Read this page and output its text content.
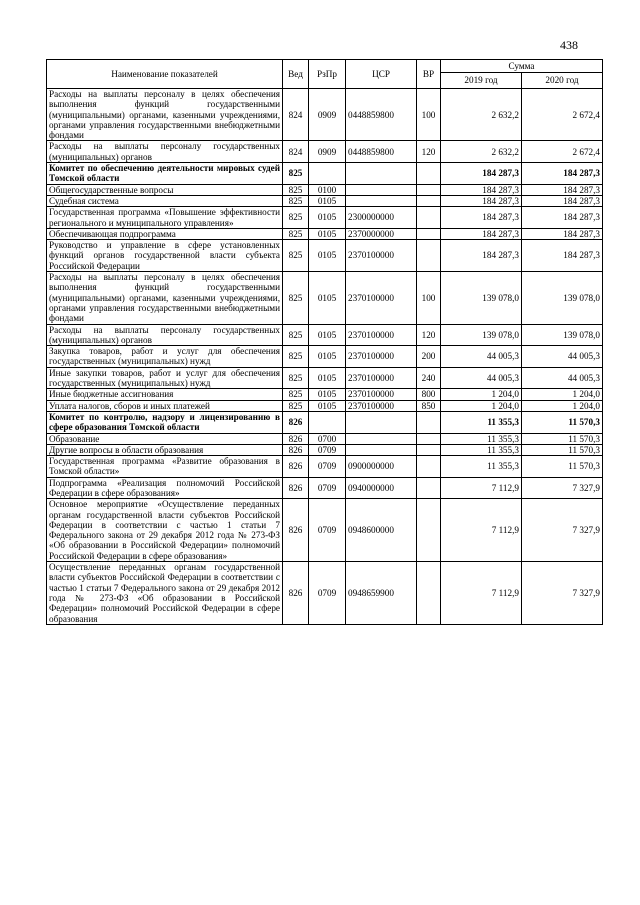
438
Наименование показателей	Вед	РзПр	ЦСР	ВР	Сумма	
					2019 год	2020 год
Расходы на выплаты персоналу в целях обеспечения выполнения функций государственными (муниципальными) органами, казенными учреждениями, органами управления государственными внебюджетными фондами	824	0909	0448859800	100	2 632,2	2 672,4
Расходы на выплаты персоналу государственных (муниципальных) органов	824	0909	0448859800	120	2 632,2	2 672,4
Комитет по обеспечению деятельности мировых судей Томской области	825				184 287,3	184 287,3
Общегосударственные вопросы	825	0100			184 287,3	184 287,3
Судебная система	825	0105			184 287,3	184 287,3
Государственная программа «Повышение эффективности регионального и муниципального управления»	825	0105	2300000000		184 287,3	184 287,3
Обеспечивающая подпрограмма	825	0105	2370000000		184 287,3	184 287,3
Руководство и управление в сфере установленных функций органов государственной власти субъекта Российской Федерации	825	0105	2370100000		184 287,3	184 287,3
Расходы на выплаты персоналу в целях обеспечения выполнения функций государственными (муниципальными) органами, казенными учреждениями, органами управления государственными внебюджетными фондами	825	0105	2370100000	100	139 078,0	139 078,0
Расходы на выплаты персоналу государственных (муниципальных) органов	825	0105	2370100000	120	139 078,0	139 078,0
Закупка товаров, работ и услуг для обеспечения государственных (муниципальных) нужд	825	0105	2370100000	200	44 005,3	44 005,3
Иные закупки товаров, работ и услуг для обеспечения государственных (муниципальных) нужд	825	0105	2370100000	240	44 005,3	44 005,3
Иные бюджетные ассигнования	825	0105	2370100000	800	1 204,0	1 204,0
Уплата налогов, сборов и иных платежей	825	0105	2370100000	850	1 204,0	1 204,0
Комитет по контролю, надзору и лицензированию в сфере образования Томской области	826				11 355,3	11 570,3
Образование	826	0700			11 355,3	11 570,3
Другие вопросы в области образования	826	0709			11 355,3	11 570,3
Государственная программа «Развитие образования в Томской области»	826	0709	0900000000		11 355,3	11 570,3
Подпрограмма «Реализация полномочий Российской Федерации в сфере образования»	826	0709	0940000000		7 112,9	7 327,9
Основное мероприятие «Осуществление переданных органам государственной власти субъектов Российской Федерации в соответствии с частью 1 статьи 7 Федерального закона от 29 декабря 2012 года № 273-ФЗ «Об образовании в Российской Федерации» полномочий Российской Федерации в сфере образования»	826	0709	0948600000		7 112,9	7 327,9
Осуществление переданных органам государственной власти субъектов Российской Федерации в соответствии с частью 1 статьи 7 Федерального закона от 29 декабря 2012 года № 273-ФЗ «Об образовании в Российской Федерации» полномочий Российской Федерации в сфере образования	826	0709	0948659900		7 112,9	7 327,9
